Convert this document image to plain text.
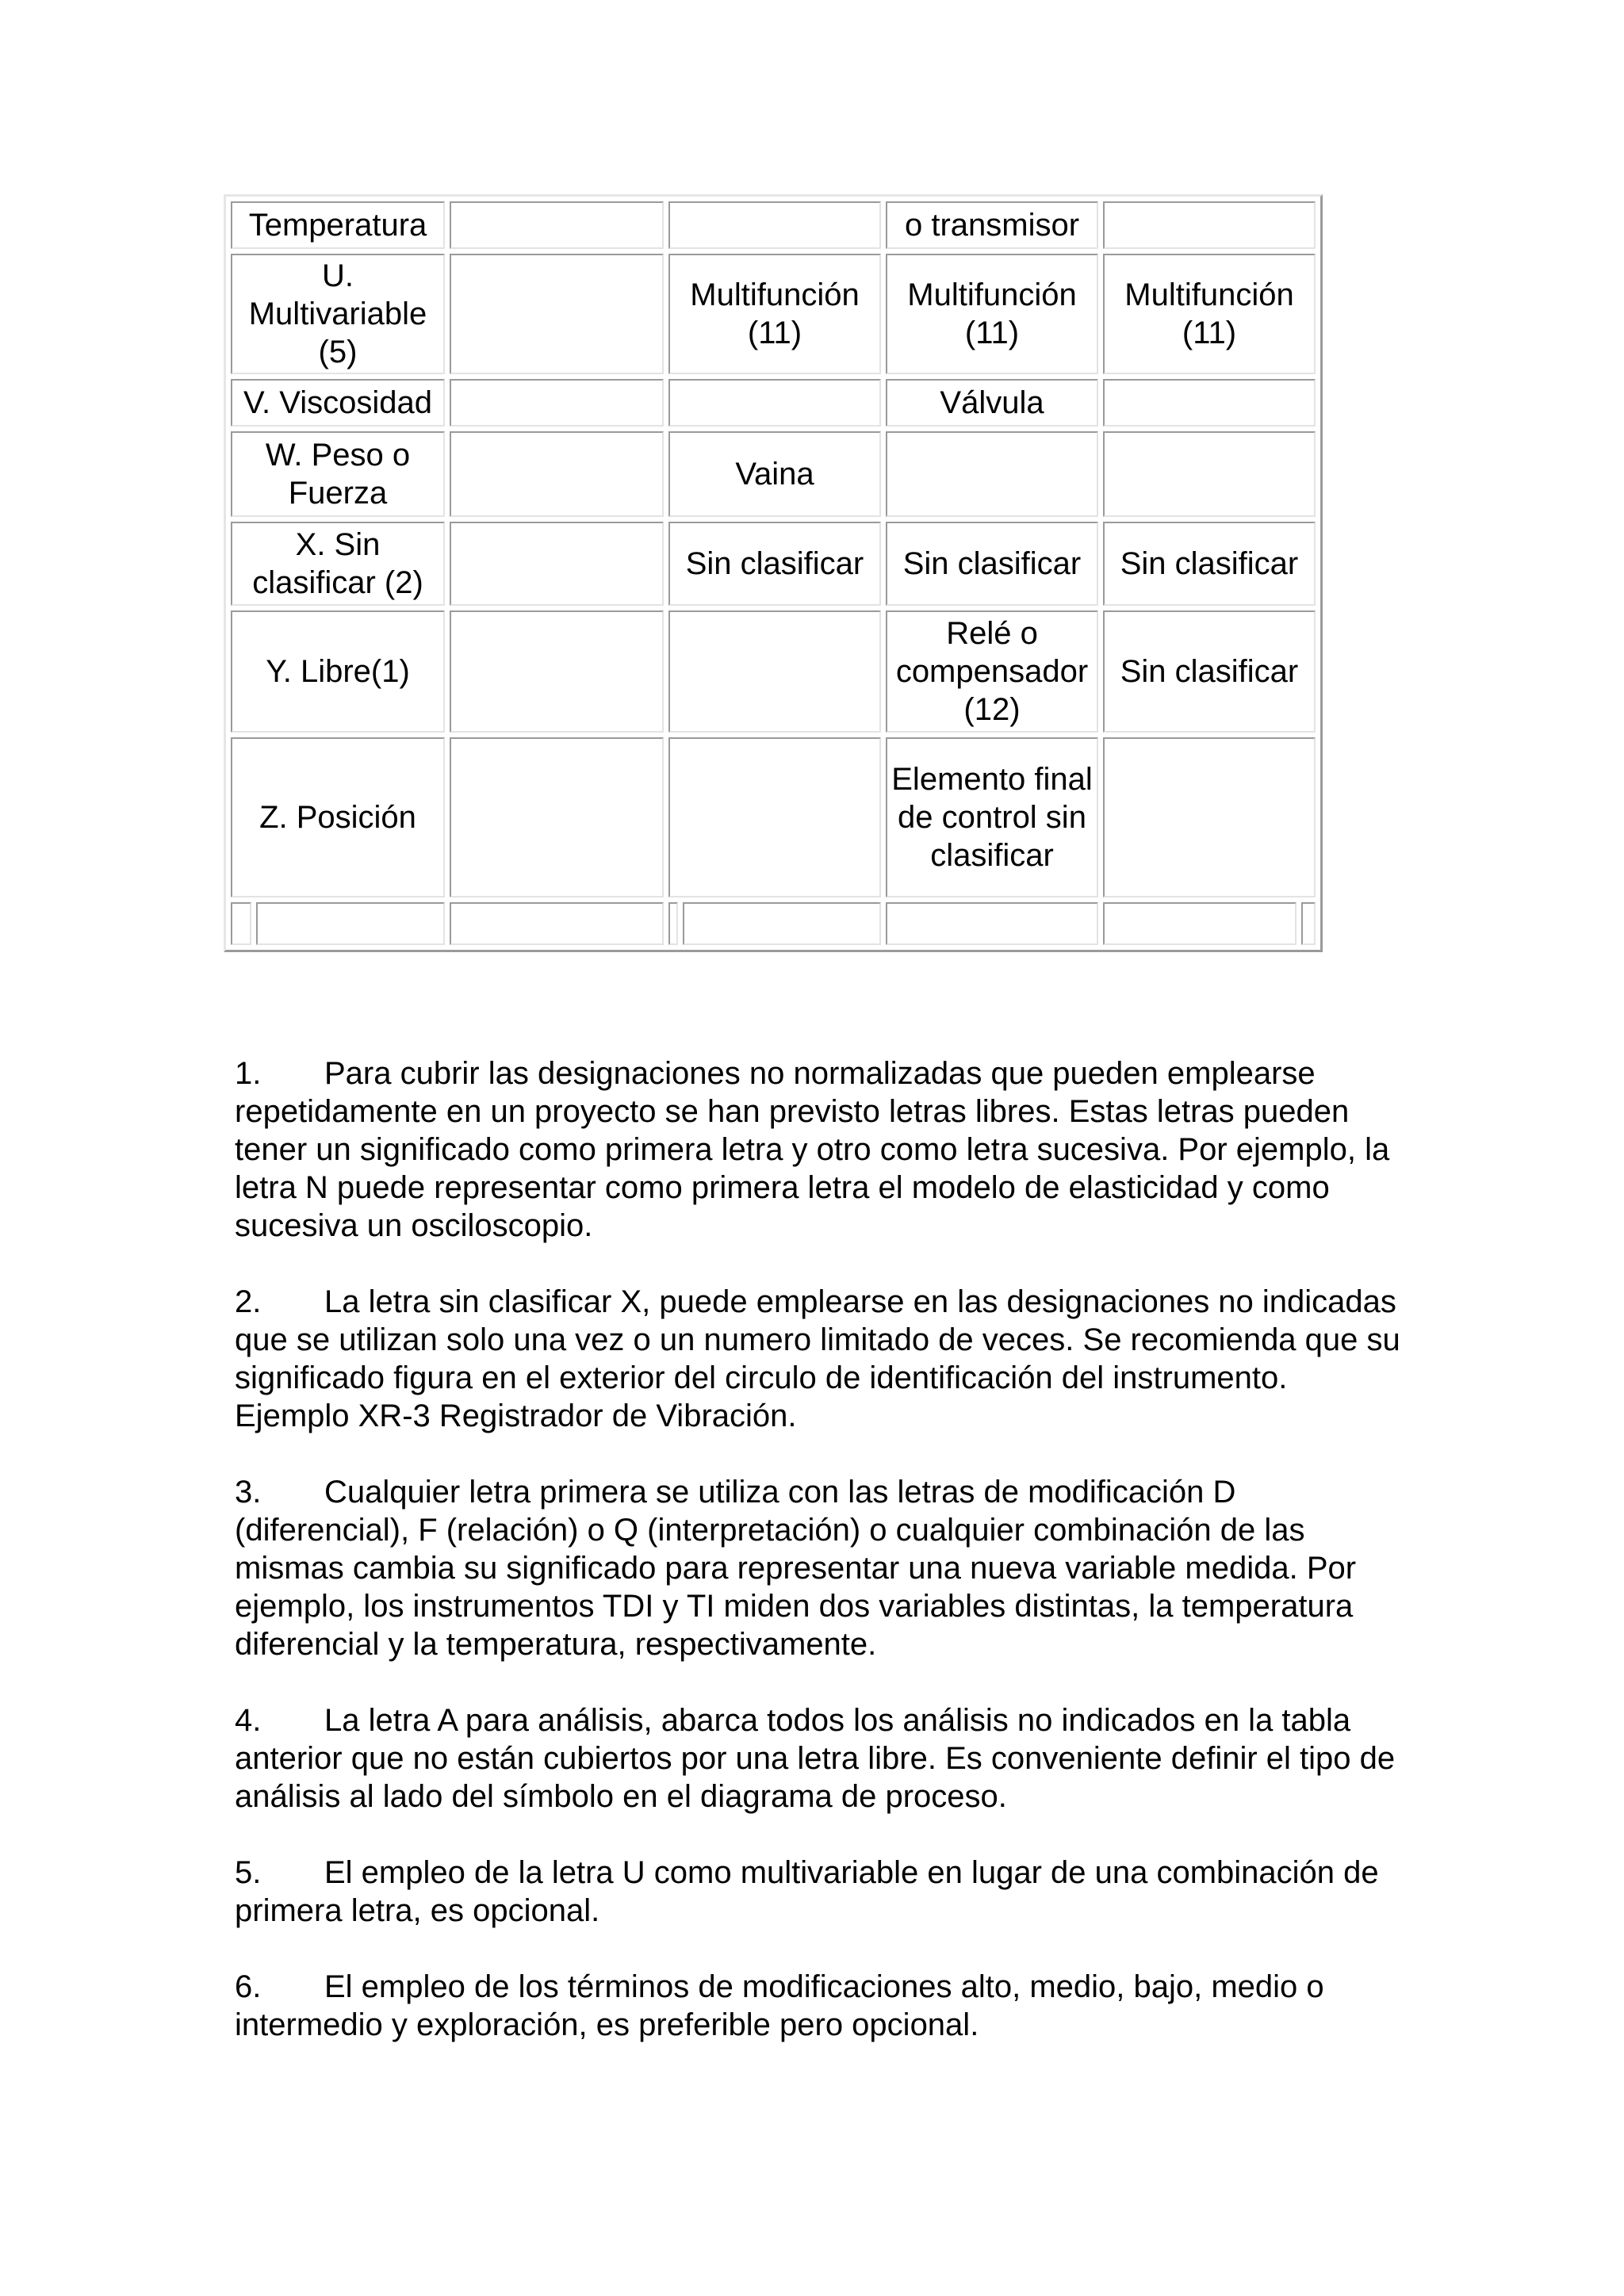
Temperatura			o transmisor	
U. Multivariable (5)		Multifunción (11)	Multifunción (11)	Multifunción (11)
V. Viscosidad			Válvula	
W. Peso o Fuerza		Vaina		
X. Sin clasificar (2)		Sin clasificar	Sin clasificar	Sin clasificar
Y. Libre(1)			Relé o compensador (12)	Sin clasificar
Z. Posición			Elemento final de control sin clasificar	

1. Para cubrir las designaciones no normalizadas que pueden emplearse repetidamente en un proyecto se han previsto letras libres. Estas letras pueden tener un significado como primera letra y otro como letra sucesiva. Por ejemplo, la letra N puede representar como primera letra el modelo de elasticidad y como sucesiva un osciloscopio.

2. La letra sin clasificar X, puede emplearse en las designaciones no indicadas que se utilizan solo una vez o un numero limitado de veces. Se recomienda que su significado figura en el exterior del circulo de identificación del instrumento. Ejemplo XR-3 Registrador de Vibración.

3. Cualquier letra primera se utiliza con las letras de modificación D (diferencial), F (relación) o Q (interpretación) o cualquier combinación de las mismas cambia su significado para representar una nueva variable medida. Por ejemplo, los instrumentos TDI y TI miden dos variables distintas, la temperatura diferencial y la temperatura, respectivamente.

4. La letra A para análisis, abarca todos los análisis no indicados en la tabla anterior que no están cubiertos por una letra libre. Es conveniente definir el tipo de análisis al lado del símbolo en el diagrama de proceso.

5. El empleo de la letra U como multivariable en lugar de una combinación de primera letra, es opcional.

6. El empleo de los términos de modificaciones alto, medio, bajo, medio o intermedio y exploración, es preferible pero opcional.
